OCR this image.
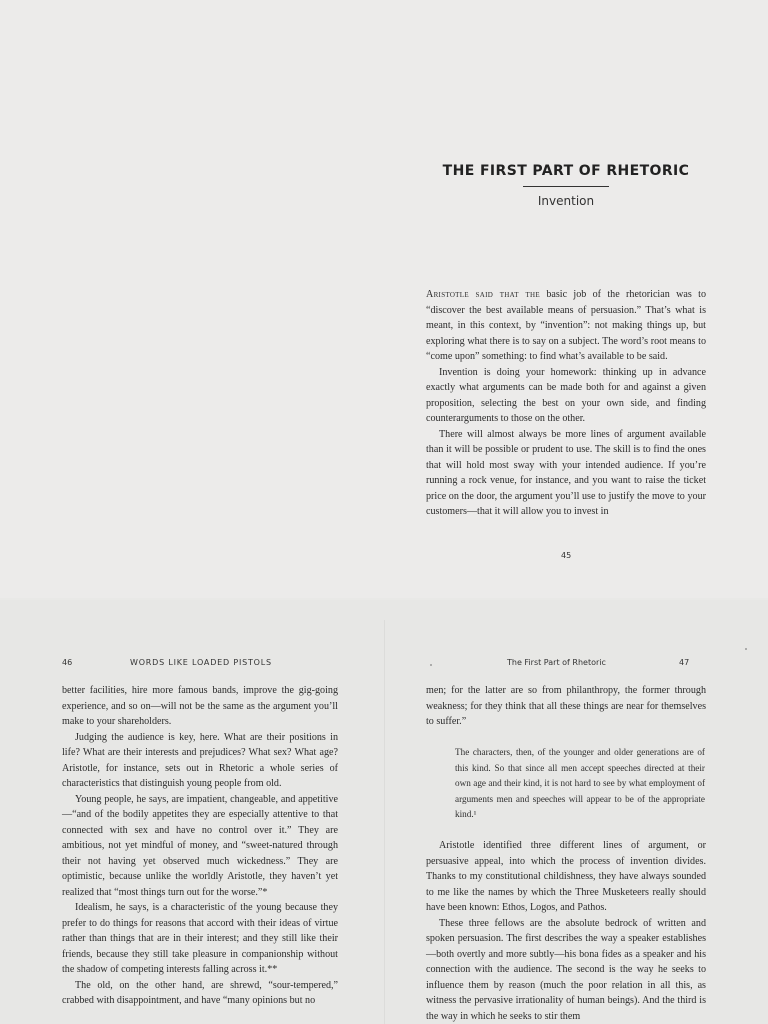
THE FIRST PART OF RHETORIC
Invention

Aristotle said that the basic job of the rhetorician was to “discover the best available means of persuasion.” That’s what is meant, in this context, by “invention”: not making things up, but exploring what there is to say on a subject. The word’s root means to “come upon” something: to find what’s available to be said.

Invention is doing your homework: thinking up in advance exactly what arguments can be made both for and against a given proposition, selecting the best on your own side, and finding counterarguments to those on the other.

There will almost always be more lines of argument available than it will be possible or prudent to use. The skill is to find the ones that will hold most sway with your intended audience. If you’re running a rock venue, for instance, and you want to raise the ticket price on the door, the argument you’ll use to justify the move to your customers—that it will allow you to invest in

45
46	WORDS LIKE LOADED PISTOLS

better facilities, hire more famous bands, improve the gig-going experience, and so on—will not be the same as the argument you’ll make to your shareholders.

Judging the audience is key, here. What are their positions in life? What are their interests and prejudices? What sex? What age? Aristotle, for instance, sets out in Rhetoric a whole series of characteristics that distinguish young people from old.

Young people, he says, are impatient, changeable, and appetitive—“and of the bodily appetites they are especially attentive to that connected with sex and have no control over it.” They are ambitious, not yet mindful of money, and “sweet-natured through their not having yet observed much wickedness.” They are optimistic, because unlike the worldly Aristotle, they haven’t yet realized that “most things turn out for the worse.”*

Idealism, he says, is a characteristic of the young because they prefer to do things for reasons that accord with their ideas of virtue rather than things that are in their interest; and they still like their friends, because they still take pleasure in companionship without the shadow of competing interests falling across it.**

The old, on the other hand, are shrewd, “sour-tempered,” crabbed with disappointment, and have “many opinions but no

The First Part of Rhetoric	47

men; for the latter are so from philanthropy, the former through weakness; for they think that all these things are near for themselves to suffer.”

The characters, then, of the younger and older generations are of this kind. So that since all men accept speeches directed at their own age and their kind, it is not hard to see by what employment of arguments men and speeches will appear to be of the appropriate kind.¹

Aristotle identified three different lines of argument, or persuasive appeal, into which the process of invention divides. Thanks to my constitutional childishness, they have always sounded to me like the names by which the Three Musketeers really should have been known: Ethos, Logos, and Pathos.

These three fellows are the absolute bedrock of written and spoken persuasion. The first describes the way a speaker establishes—both overtly and more subtly—his bona fides as a speaker and his connection with the audience. The second is the way he seeks to influence them by reason (much the poor relation in all this, as witness the pervasive irrationality of human beings). And the third is the way in which he seeks to stir them
